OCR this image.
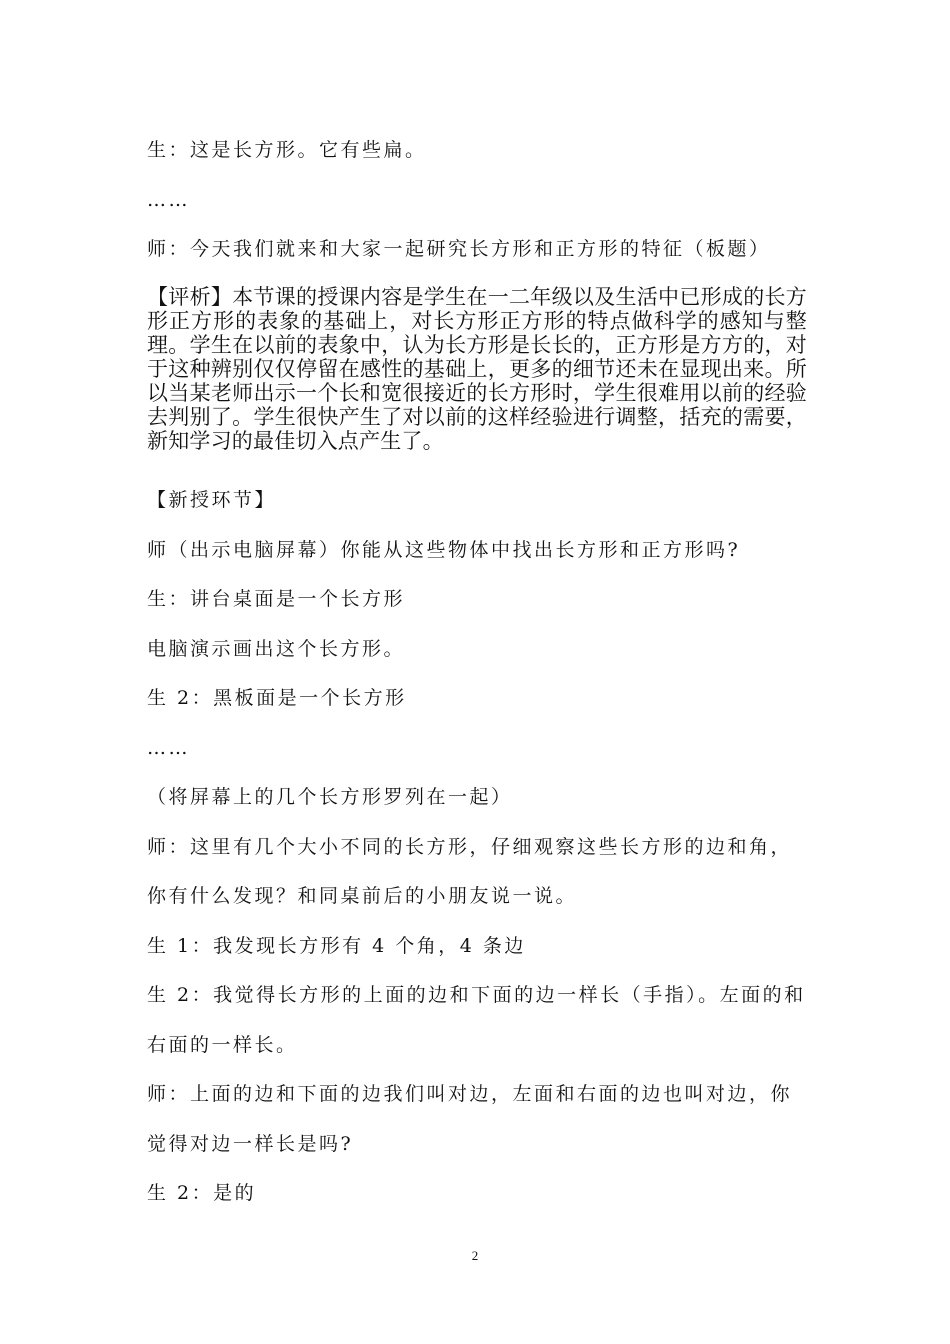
生：这是长方形。它有些扁。
……
师：今天我们就来和大家一起研究长方形和正方形的特征（板题）
【评析】本节课的授课内容是学生在一二年级以及生活中已形成的长方形正方形的表象的基础上，对长方形正方形的特点做科学的感知与整理。学生在以前的表象中，认为长方形是长长的，正方形是方方的，对于这种辨别仅仅停留在感性的基础上，更多的细节还未在显现出来。所以当某老师出示一个长和宽很接近的长方形时，学生很难用以前的经验去判别了。学生很快产生了对以前的这样经验进行调整，括充的需要，新知学习的最佳切入点产生了。
【新授环节】
师（出示电脑屏幕）你能从这些物体中找出长方形和正方形吗?
生：讲台桌面是一个长方形
电脑演示画出这个长方形。
生 2：黑板面是一个长方形
……
（将屏幕上的几个长方形罗列在一起）
师：这里有几个大小不同的长方形，仔细观察这些长方形的边和角，
你有什么发现？和同桌前后的小朋友说一说。
生 1：我发现长方形有 4 个角，4 条边
生 2：我觉得长方形的上面的边和下面的边一样长（手指）。左面的和
右面的一样长。
师：上面的边和下面的边我们叫对边，左面和右面的边也叫对边，你
觉得对边一样长是吗?
生 2：是的
2
